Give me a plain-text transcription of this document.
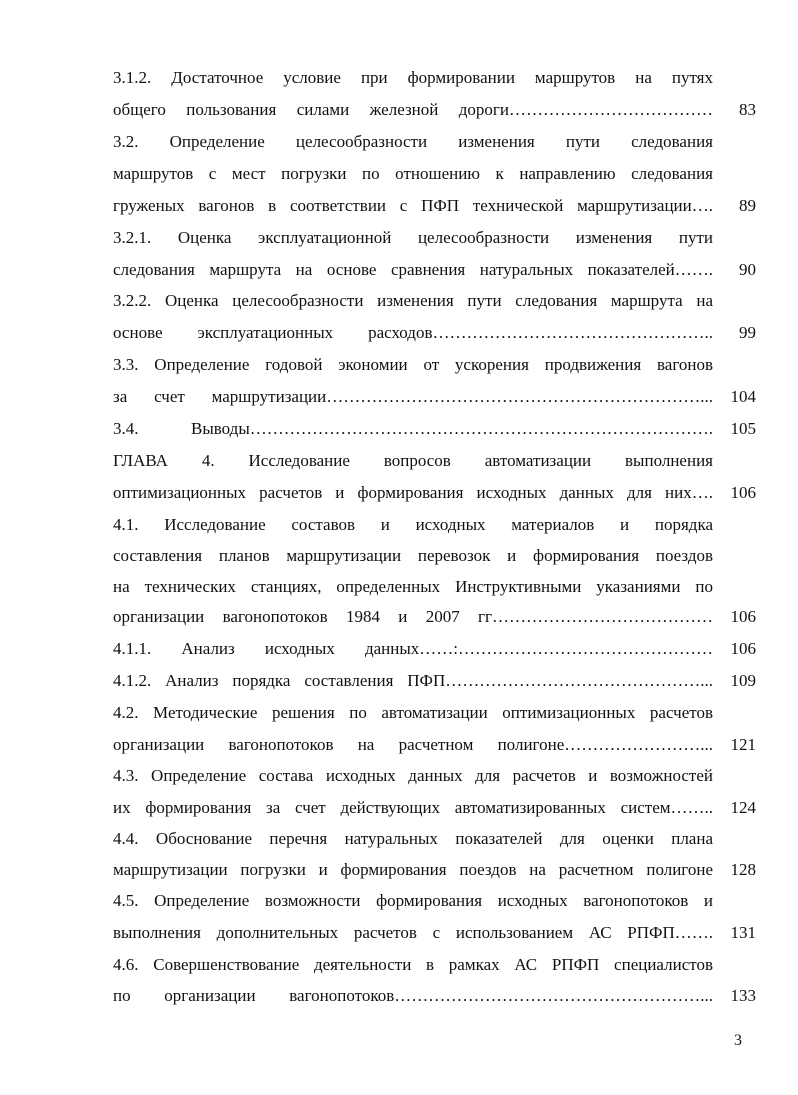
3.1.2. Достаточное условие при формировании маршрутов на путях
общего пользования силами железной дороги………………………………	83
3.2. Определение целесообразности изменения пути следования
маршрутов с мест погрузки по отношению к направлению следования
груженых вагонов в соответствии с ПФП технической маршрутизации….	89
3.2.1. Оценка эксплуатационной целесообразности изменения пути
следования маршрута на основе сравнения натуральных показателей…….	90
3.2.2. Оценка целесообразности изменения пути следования маршрута на
основе эксплуатационных расходов…………………………………………..	99
3.3. Определение годовой экономии от ускорения продвижения вагонов
за счет маршрутизации…………………………………………………………...	104
3.4. Выводы……………………………………………………………………….	105
ГЛАВА 4. Исследование вопросов автоматизации выполнения
оптимизационных расчетов и формирования исходных данных для них….	106
4.1. Исследование составов и исходных материалов и порядка
составления планов маршрутизации перевозок и формирования поездов
на технических станциях, определенных Инструктивными указаниями по
организации вагонопотоков 1984 и 2007 гг…………………………………	106
4.1.1. Анализ исходных данных……:………………………………………	106
4.1.2. Анализ порядка составления ПФП………………………………………...	109
4.2. Методические решения по автоматизации оптимизационных расчетов
организации вагонопотоков на расчетном полигоне……………………...	121
4.3. Определение состава исходных данных для расчетов и возможностей
их формирования за счет действующих автоматизированных систем……..	124
4.4. Обоснование перечня натуральных показателей для оценки плана
маршрутизации погрузки и формирования поездов на расчетном полигоне	128
4.5. Определение возможности формирования исходных вагонопотоков и
выполнения дополнительных расчетов с использованием АС РПФП…….	131
4.6. Совершенствование деятельности в рамках АС РПФП специалистов
по организации вагонопотоков………………………………………………...	133
3
